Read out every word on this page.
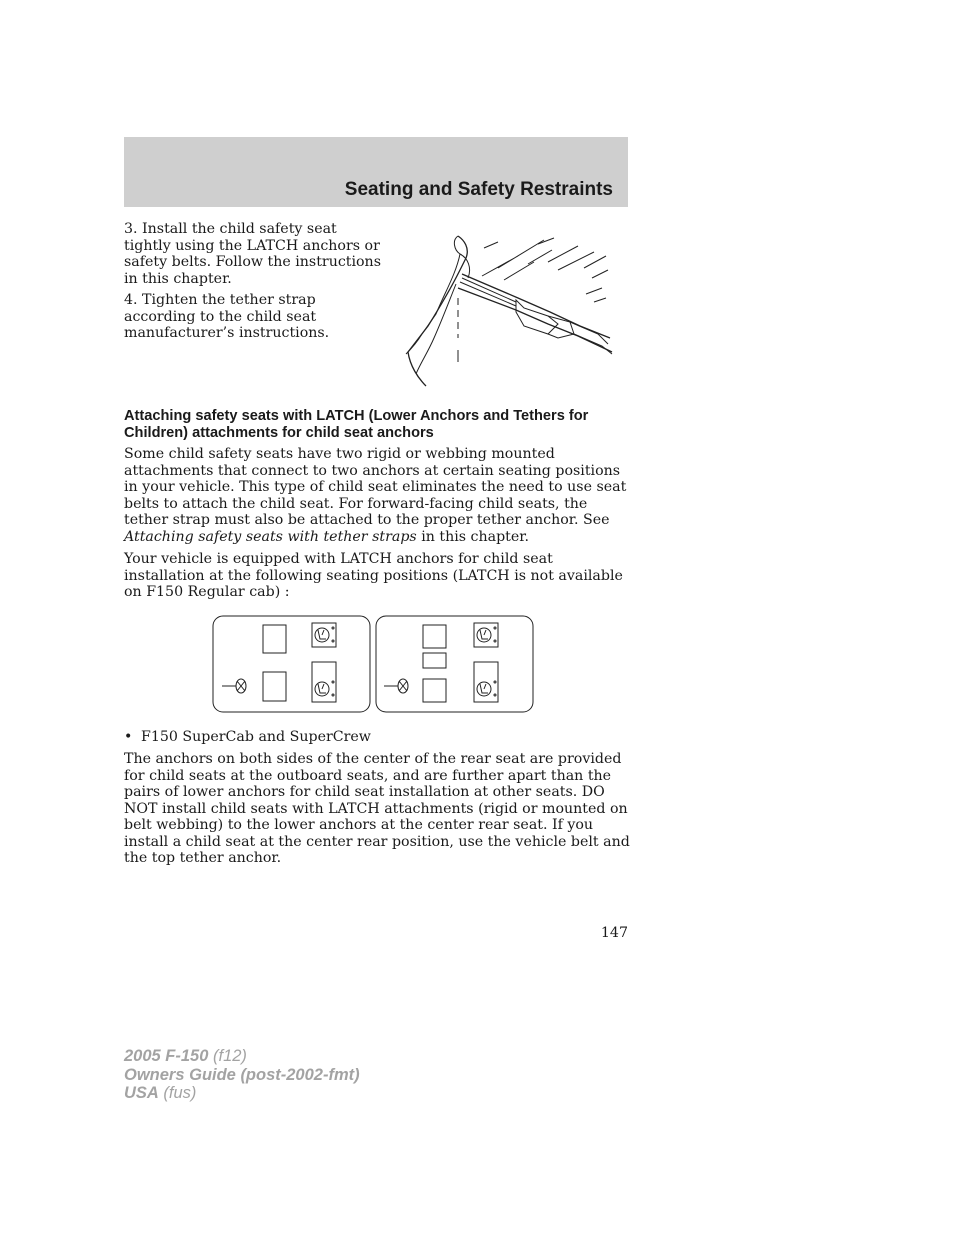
Seating and Safety Restraints

3. Install the child safety seat tightly using the LATCH anchors or safety belts. Follow the instructions in this chapter.

4. Tighten the tether strap according to the child seat manufacturer’s instructions.

Attaching safety seats with LATCH (Lower Anchors and Tethers for Children) attachments for child seat anchors

Some child safety seats have two rigid or webbing mounted attachments that connect to two anchors at certain seating positions in your vehicle. This type of child seat eliminates the need to use seat belts to attach the child seat. For forward-facing child seats, the tether strap must also be attached to the proper tether anchor. See Attaching safety seats with tether straps in this chapter.

Your vehicle is equipped with LATCH anchors for child seat installation at the following seating positions (LATCH is not available on F150 Regular cab) :

• F150 SuperCab and SuperCrew

The anchors on both sides of the center of the rear seat are provided for child seats at the outboard seats, and are further apart than the pairs of lower anchors for child seat installation at other seats. DO NOT install child seats with LATCH attachments (rigid or mounted on belt webbing) to the lower anchors at the center rear seat. If you install a child seat at the center rear position, use the vehicle belt and the top tether anchor.

147
2005 F-150 (f12)
Owners Guide (post-2002-fmt)
USA (fus)
